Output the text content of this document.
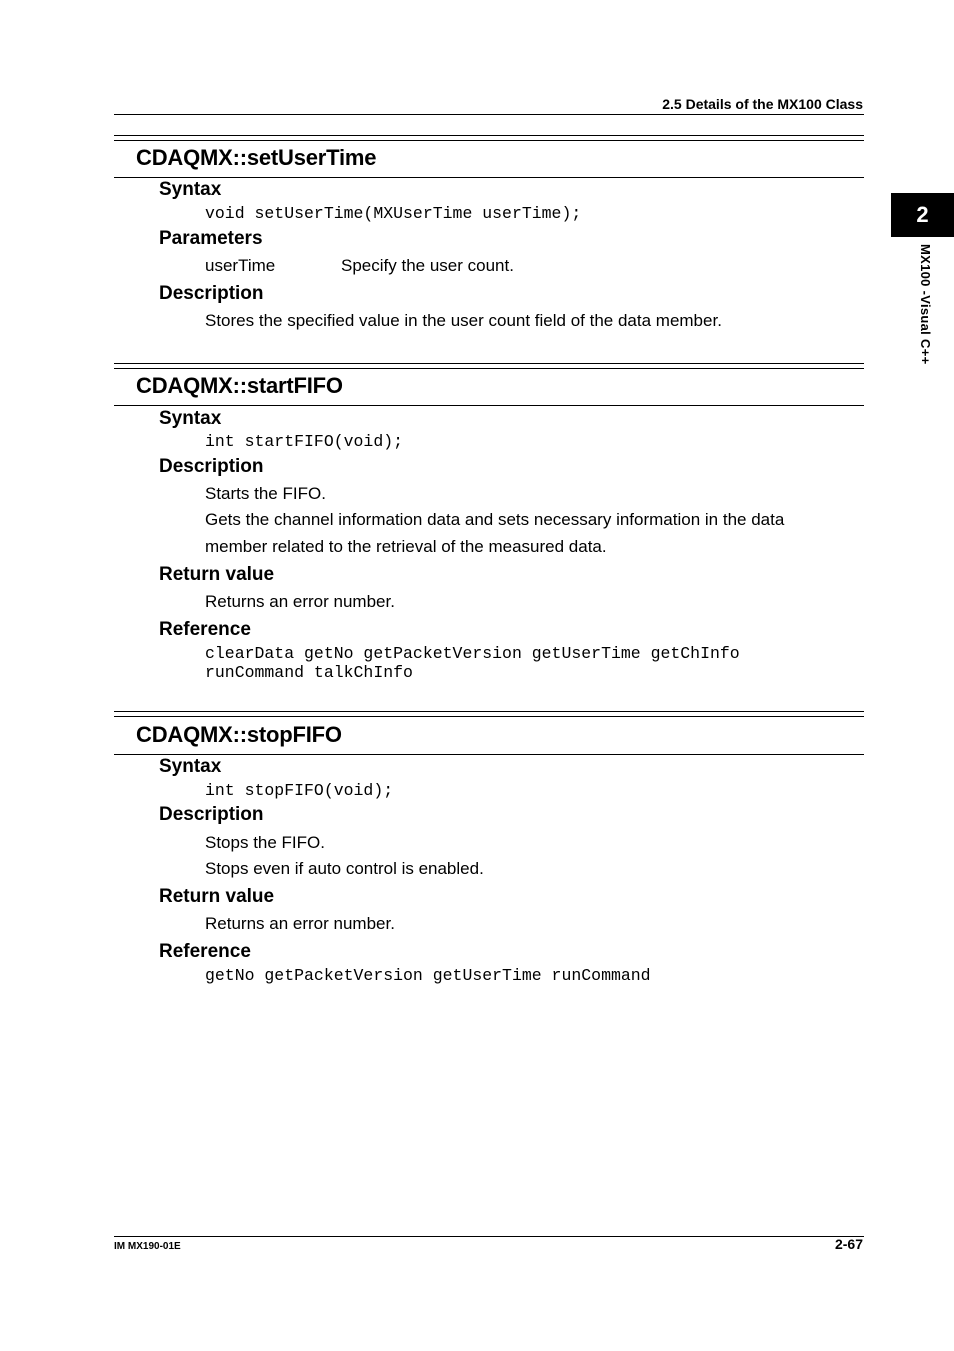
2.5 Details of the MX100 Class
2
MX100 -Visual C++
CDAQMX::setUserTime
Syntax
void setUserTime(MXUserTime userTime);
Parameters
userTime	Specify the user count.
Description
Stores the specified value in the user count field of the data member.
CDAQMX::startFIFO
Syntax
int startFIFO(void);
Description
Starts the FIFO.
Gets the channel information data and sets necessary information in the data
member related to the retrieval of the measured data.
Return value
Returns an error number.
Reference
clearData getNo getPacketVersion getUserTime getChInfo
runCommand talkChInfo
CDAQMX::stopFIFO
Syntax
int stopFIFO(void);
Description
Stops the FIFO.
Stops even if auto control is enabled.
Return value
Returns an error number.
Reference
getNo getPacketVersion getUserTime runCommand
IM MX190-01E	2-67
